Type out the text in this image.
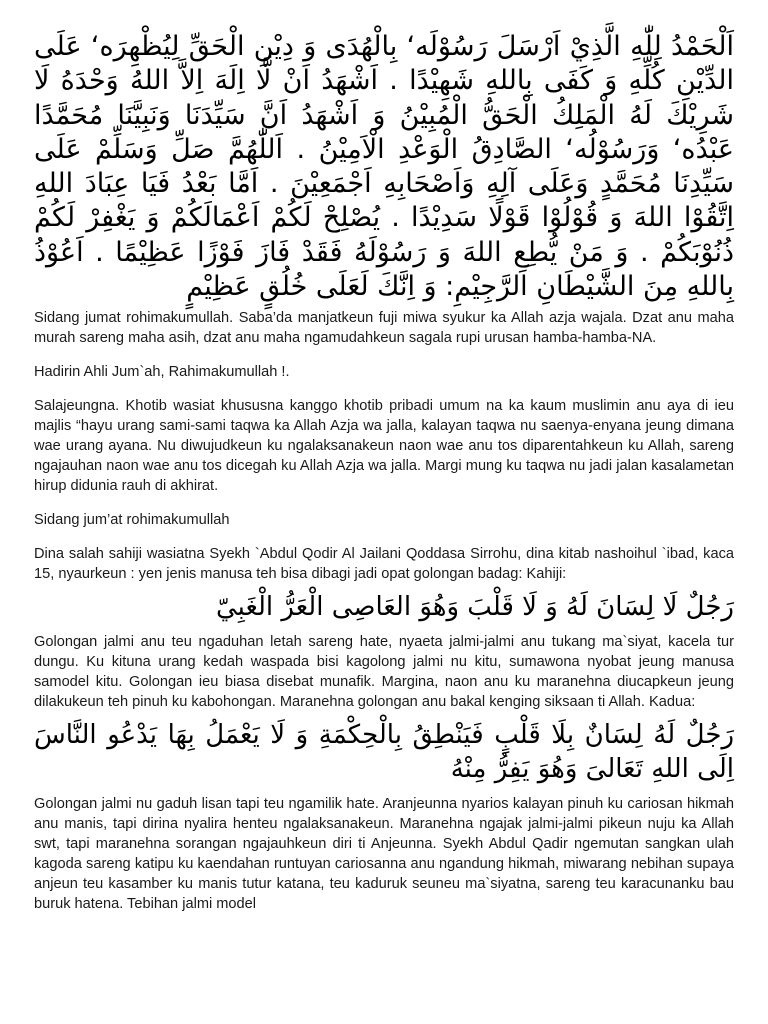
اَلْحَمْدُ لِلّٰهِ الَّذِيْ اَرْسَلَ رَسُوْلَه‘ بِالْهُدَى وَ دِيْنِ الْحَقِّ لِيُظْهِرَه‘ عَلَى الدِّيْنِ كُلِّهِ وَ كَفَى بِاللهِ شَهِيْدًا . اَشْهَدُ اَنْ لَّا اِلَهَ اِلاَّ اللهُ وَحْدَهُ لَا شَرِيْكَ لَهُ الْمَلِكُ الْحَقُّ الْمُبِيْنُ وَ اَشْهَدُ اَنَّ سَيِّدَنَا وَنَبِيَّنَا مُحَمَّدًا عَبْدُه‘ وَرَسُوْلُه‘ الصَّادِقُ الْوَعْدِ الْاَمِيْنُ . اَللّٰهُمَّ صَلِّ وَسَلِّمْ عَلَى سَيِّدِنَا مُحَمَّدٍ وَعَلَى آلِهِ وَاَصْحَابِهِ اَجْمَعِيْنَ . اَمَّا بَعْدُ فَيَا عِبَادَ اللهِ اِتَّقُوْا اللهَ وَ قُوْلُوْا قَوْلًا سَدِيْدًا . يُصْلِحْ لَكُمْ اَعْمَالَكُمْ وَ يَغْفِرْ لَكُمْ ذُنُوْبَكُمْ . وَ مَنْ يُّطِعِ اللهَ وَ رَسُوْلَهُ فَقَدْ فَازَ فَوْزًا عَظِيْمًا . اَعُوْذُ بِاللهِ مِنَ الشَّيْطَانِ الرَّجِيْمِ: وَ اِنَّكَ لَعَلَى خُلُقٍ عَظِيْمٍ

Sidang jumat rohimakumullah. Saba’da manjatkeun fuji miwa syukur ka Allah azja wajala. Dzat anu maha murah sareng maha asih, dzat anu maha ngamudahkeun sagala rupi urusan hamba-hamba-NA.

Hadirin Ahli Jum`ah, Rahimakumullah !.

Salajeungna. Khotib wasiat khususna kanggo khotib pribadi umum na ka kaum muslimin anu aya di ieu majlis “hayu urang sami-sami taqwa ka Allah Azja wa jalla, kalayan taqwa nu saenya-enyana jeung dimana wae urang ayana. Nu diwujudkeun ku ngalaksanakeun naon wae anu tos diparentahkeun ku Allah, sareng ngajauhan naon wae anu tos dicegah ku Allah Azja wa jalla. Margi mung ku taqwa nu jadi jalan kasalametan hirup didunia rauh di akhirat.

Sidang jum’at rohimakumullah

Dina salah sahiji wasiatna Syekh `Abdul Qodir Al Jailani Qoddasa Sirrohu, dina kitab nashoihul `ibad, kaca 15, nyaurkeun : yen jenis manusa teh bisa dibagi jadi opat golongan badag: Kahiji:

رَجُلٌ لَا لِسَانَ لَهُ وَ لَا قَلْبَ وَهُوَ العَاصِى الْعَرُّ الْغَبِيّ

Golongan jalmi anu teu ngaduhan letah sareng hate, nyaeta jalmi-jalmi anu tukang ma`siyat, kacela tur dungu. Ku kituna urang kedah waspada bisi kagolong jalmi nu kitu, sumawona nyobat jeung manusa samodel kitu. Golongan ieu biasa disebat munafik. Margina, naon anu ku maranehna diucapkeun jeung dilakukeun teh pinuh ku kabohongan. Maranehna golongan anu bakal kenging siksaan ti Allah. Kadua:

رَجُلٌ لَهُ لِسَانٌ بِلَا قَلْبٍ فَيَنْطِقُ بِالْحِكْمَةِ وَ لَا يَعْمَلُ بِهَا يَدْعُو النَّاسَ اِلَى اللهِ تَعَالىَ وَهُوَ يَفِرُّ مِنْهُ

Golongan jalmi nu gaduh lisan tapi teu ngamilik hate. Aranjeunna nyarios kalayan pinuh ku cariosan hikmah anu manis, tapi dirina nyalira henteu ngalaksanakeun. Maranehna ngajak jalmi-jalmi pikeun nuju ka Allah swt, tapi maranehna sorangan ngajauhkeun diri ti Anjeunna. Syekh Abdul Qadir ngemutan sangkan ulah kagoda sareng katipu ku kaendahan runtuyan cariosanna anu ngandung hikmah, miwarang nebihan supaya anjeun teu kasamber ku manis tutur katana, teu kaduruk seuneu ma`siyatna, sareng teu karacunanku bau buruk hatena. Tebihan jalmi model
